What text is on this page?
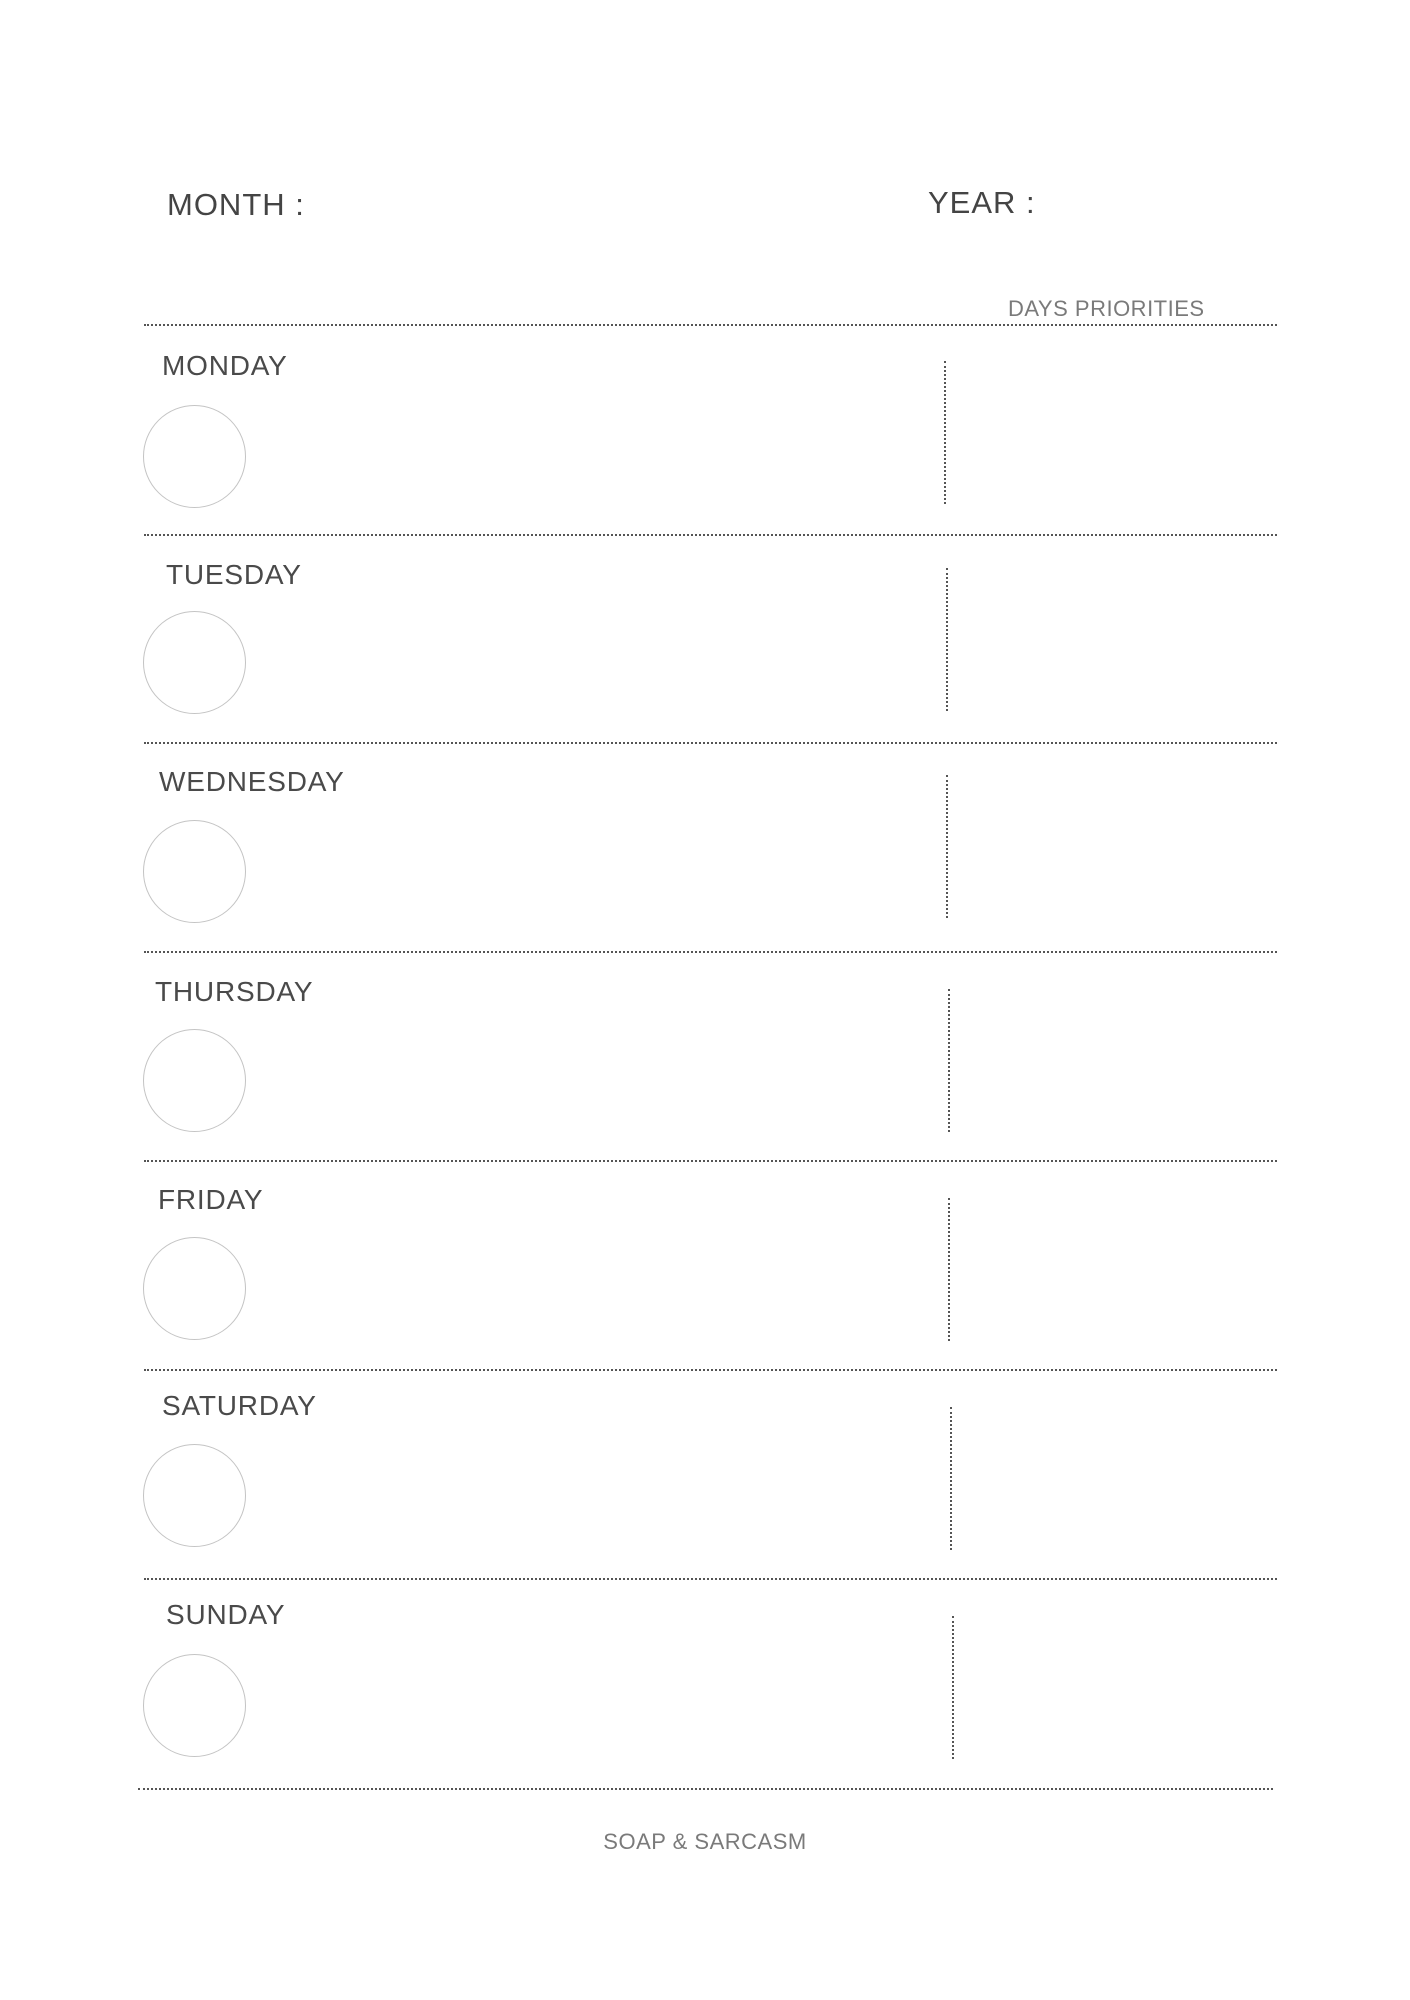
MONTH :	YEAR :
DAYS PRIORITIES
MONDAY
TUESDAY
WEDNESDAY
THURSDAY
FRIDAY
SATURDAY
SUNDAY
SOAP & SARCASM
